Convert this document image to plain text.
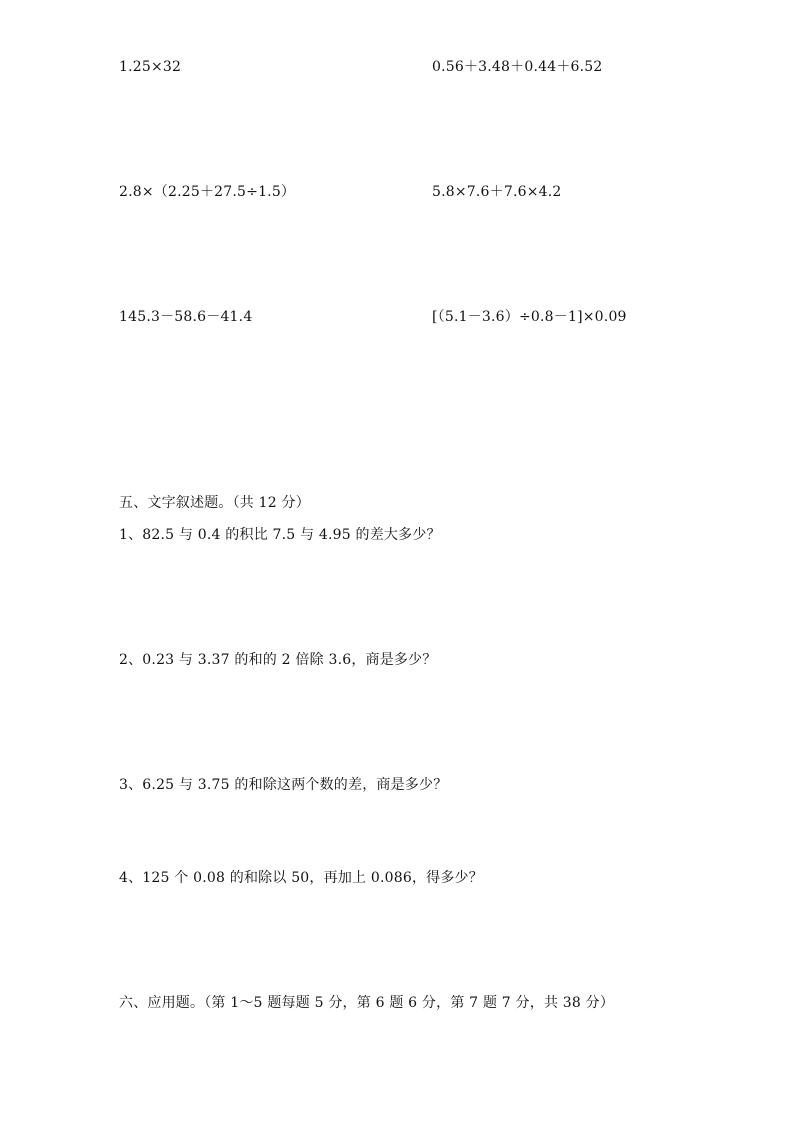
1.25×32	0.56＋3.48＋0.44＋6.52
2.8×（2.25＋27.5÷1.5）	5.8×7.6＋7.6×4.2
145.3－58.6－41.4	[（5.1－3.6）÷0.8－1]×0.09
五、文字叙述题。（共 12 分）
1、82.5 与 0.4 的积比 7.5 与 4.95 的差大多少？
2、0.23 与 3.37 的和的 2 倍除 3.6，商是多少？
3、6.25 与 3.75 的和除这两个数的差，商是多少？
4、125 个 0.08 的和除以 50，再加上 0.086，得多少？
六、应用题。（第 1～5 题每题 5 分，第 6 题 6 分，第 7 题 7 分，共 38 分）
